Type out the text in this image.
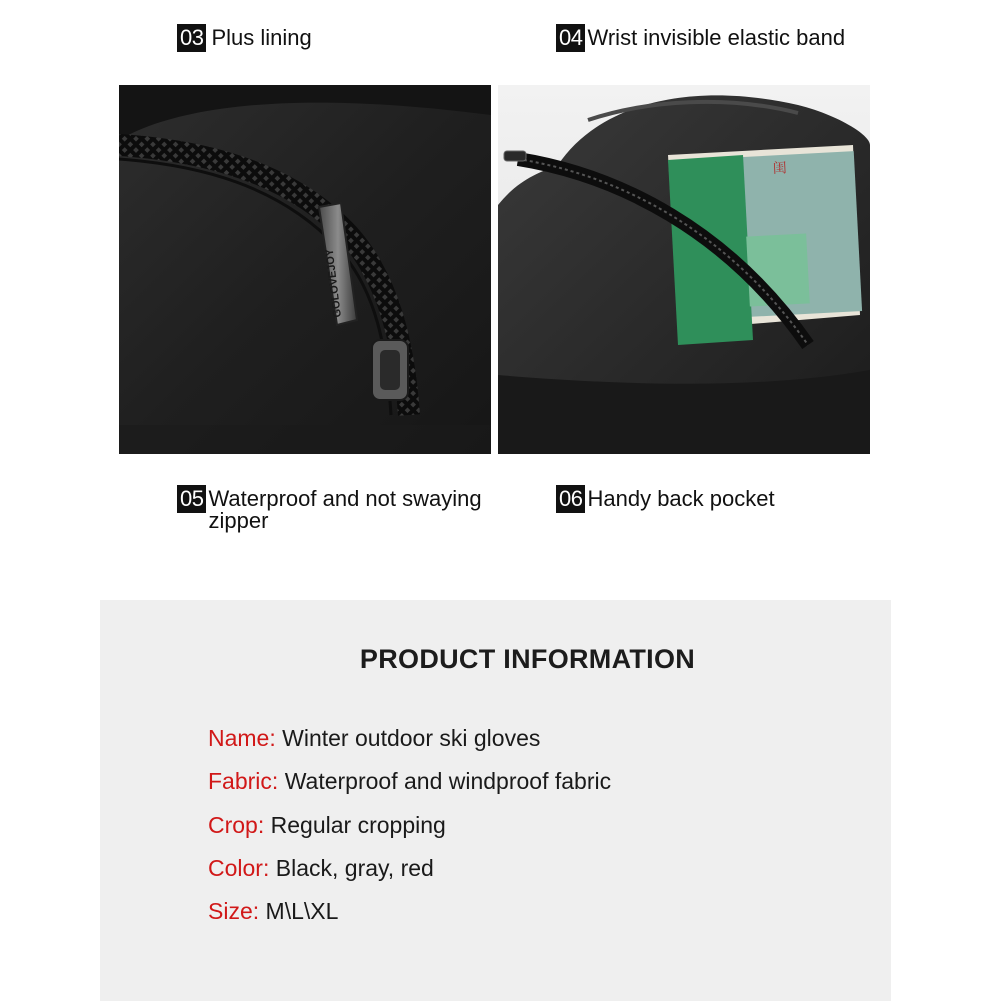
03 Plus lining	04 Wrist invisible elastic band
GOLOVEJOY
闺
05 Waterproof and not swaying zipper
06 Handy back pocket
PRODUCT INFORMATION
Name: Winter outdoor ski gloves
Fabric: Waterproof and windproof fabric
Crop: Regular cropping
Color: Black, gray, red
Size: M\L\XL
